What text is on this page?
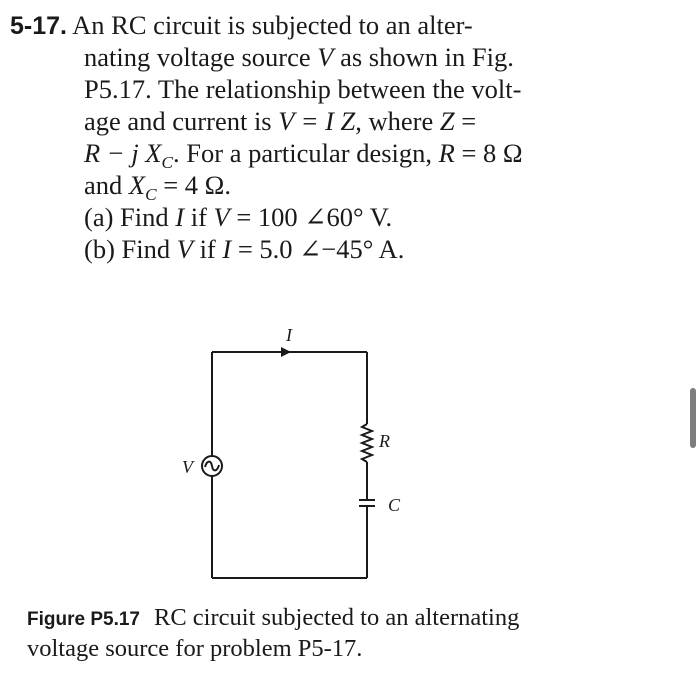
5-17. An RC circuit is subjected to an alter-
nating voltage source V as shown in Fig.
P5.17. The relationship between the volt-
age and current is V = I Z, where Z =
R − j $X_C$. For a particular design, R = 8 Ω
and $X_C = 4$ Ω.
(a) Find I if V = 100 ∠60° V.
(b) Find V if I = 5.0 ∠−45° A.
I
V
R
C
Figure P5.17 RC circuit subjected to an alternating
voltage source for problem P5-17.
